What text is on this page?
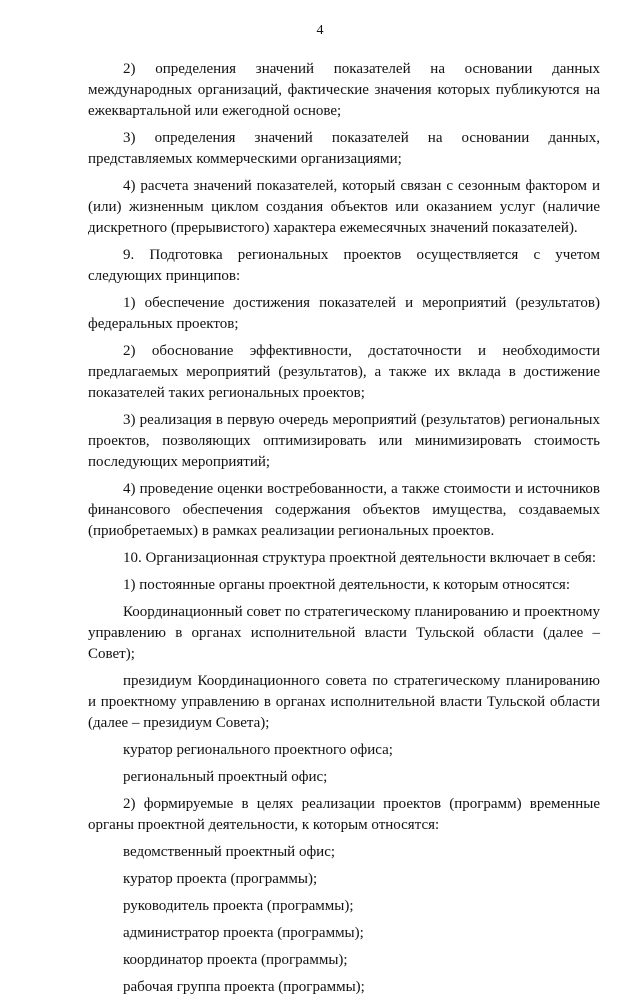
4

2) определения значений показателей на основании данных международных организаций, фактические значения которых публикуются на ежеквартальной или ежегодной основе;

3) определения значений показателей на основании данных, представляемых коммерческими организациями;

4) расчета значений показателей, который связан с сезонным фактором и (или) жизненным циклом создания объектов или оказанием услуг (наличие дискретного (прерывистого) характера ежемесячных значений показателей).

9. Подготовка региональных проектов осуществляется с учетом следующих принципов:

1) обеспечение достижения показателей и мероприятий (результатов) федеральных проектов;

2) обоснование эффективности, достаточности и необходимости предлагаемых мероприятий (результатов), а также их вклада в достижение показателей таких региональных проектов;

3) реализация в первую очередь мероприятий (результатов) региональных проектов, позволяющих оптимизировать или минимизировать стоимость последующих мероприятий;

4) проведение оценки востребованности, а также стоимости и источников финансового обеспечения содержания объектов имущества, создаваемых (приобретаемых) в рамках реализации региональных проектов.

10. Организационная структура проектной деятельности включает в себя:

1) постоянные органы проектной деятельности, к которым относятся:

Координационный совет по стратегическому планированию и проектному управлению в органах исполнительной власти Тульской области (далее – Совет);

президиум Координационного совета по стратегическому планированию и проектному управлению в органах исполнительной власти Тульской области (далее – президиум Совета);

куратор регионального проектного офиса;

региональный проектный офис;

2) формируемые в целях реализации проектов (программ) временные органы проектной деятельности, к которым относятся:

ведомственный проектный офис;

куратор проекта (программы);

руководитель проекта (программы);

администратор проекта (программы);

координатор проекта (программы);

рабочая группа проекта (программы);
